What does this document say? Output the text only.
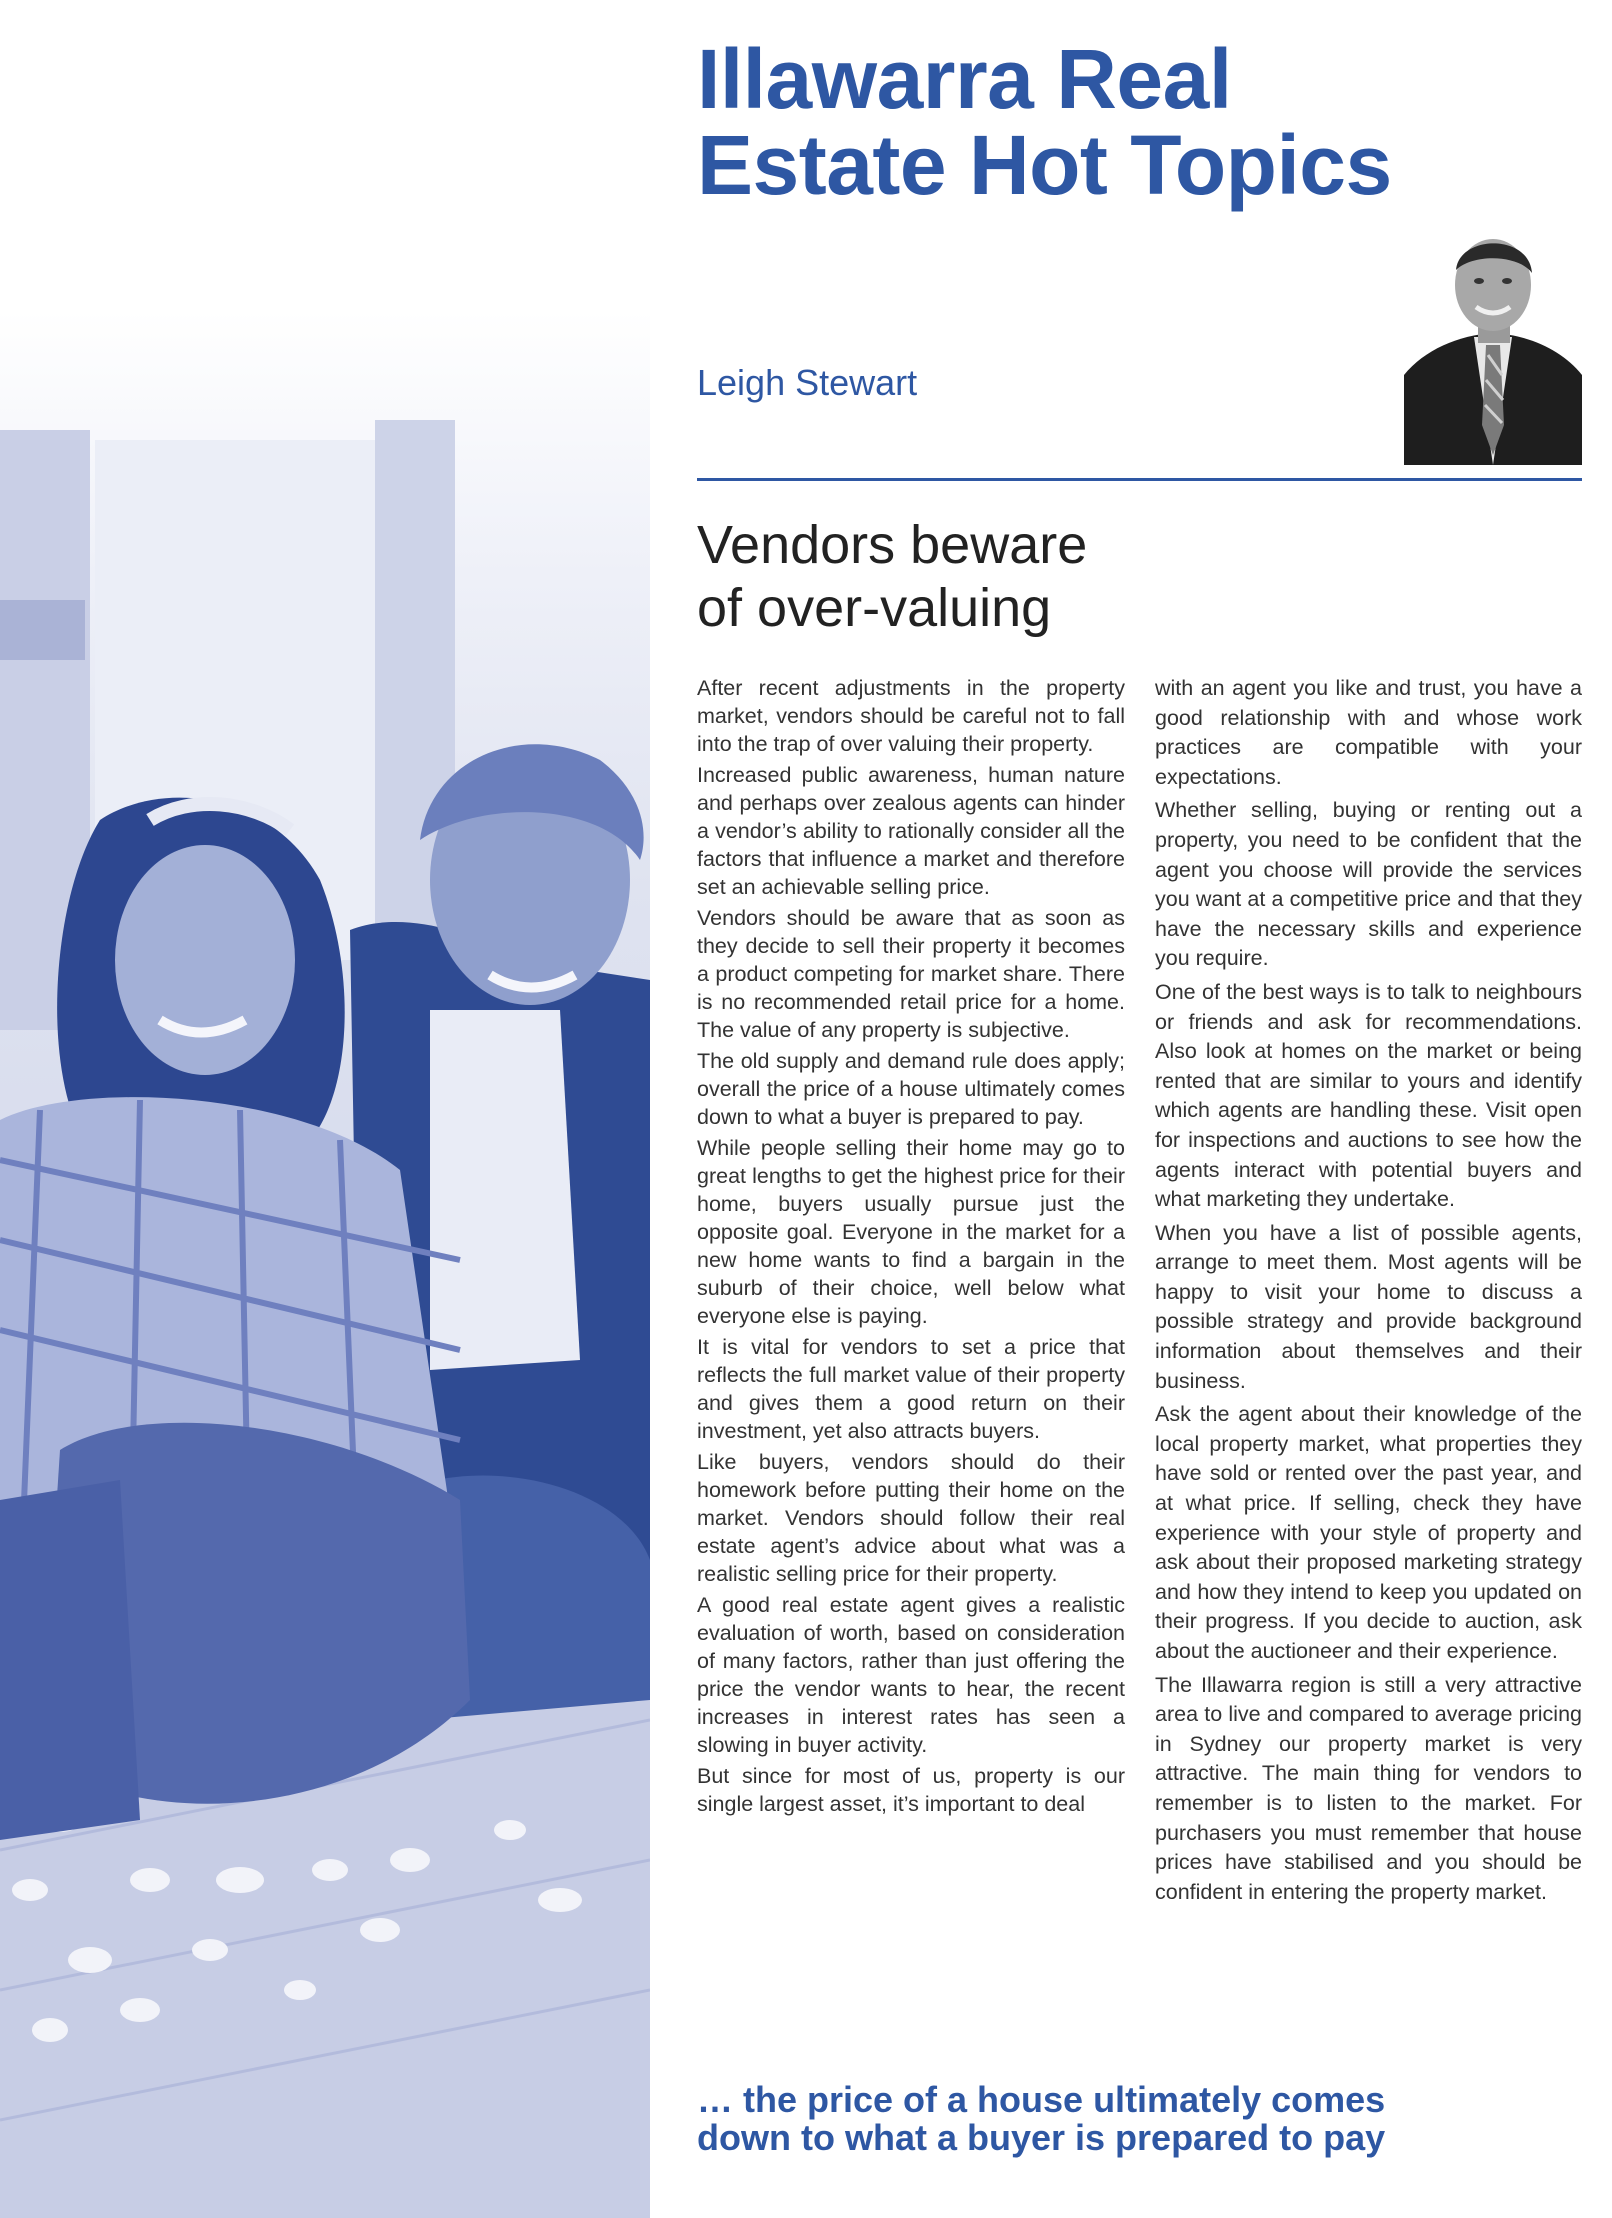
Illawarra Real
Estate Hot Topics
Leigh Stewart
Vendors beware
of over-valuing

After recent adjustments in the property market, vendors should be careful not to fall into the trap of over valuing their property.

Increased public awareness, human nature and perhaps over zealous agents can hinder a vendor’s ability to rationally consider all the factors that influence a market and therefore set an achievable selling price.

Vendors should be aware that as soon as they decide to sell their property it becomes a product competing for market share. There is no recommended retail price for a home. The value of any property is subjective.

The old supply and demand rule does apply; overall the price of a house ultimately comes down to what a buyer is prepared to pay.

While people selling their home may go to great lengths to get the highest price for their home, buyers usually pursue just the opposite goal. Everyone in the market for a new home wants to find a bargain in the suburb of their choice, well below what everyone else is paying.

It is vital for vendors to set a price that reflects the full market value of their property and gives them a good return on their investment, yet also attracts buyers.

Like buyers, vendors should do their homework before putting their home on the market. Vendors should follow their real estate agent’s advice about what was a realistic selling price for their property.

A good real estate agent gives a realistic evaluation of worth, based on consideration of many factors, rather than just offering the price the vendor wants to hear, the recent increases in interest rates has seen a slowing in buyer activity.

But since for most of us, property is our single largest asset, it’s important to deal

with an agent you like and trust, you have a good relationship with and whose work practices are compatible with your expectations.

Whether selling, buying or renting out a property, you need to be confident that the agent you choose will provide the services you want at a competitive price and that they have the necessary skills and experience you require.

One of the best ways is to talk to neighbours or friends and ask for recommendations. Also look at homes on the market or being rented that are similar to yours and identify which agents are handling these. Visit open for inspections and auctions to see how the agents interact with potential buyers and what marketing they undertake.

When you have a list of possible agents, arrange to meet them. Most agents will be happy to visit your home to discuss a possible strategy and provide background information about themselves and their business.

Ask the agent about their knowledge of the local property market, what properties they have sold or rented over the past year, and at what price. If selling, check they have experience with your style of property and ask about their proposed marketing strategy and how they intend to keep you updated on their progress. If you decide to auction, ask about the auctioneer and their experience.

The Illawarra region is still a very attractive area to live and compared to average pricing in Sydney our property market is very attractive. The main thing for vendors to remember is to listen to the market. For purchasers you must remember that house prices have stabilised and you should be confident in entering the property market.

… the price of a house ultimately comes
down to what a buyer is prepared to pay
